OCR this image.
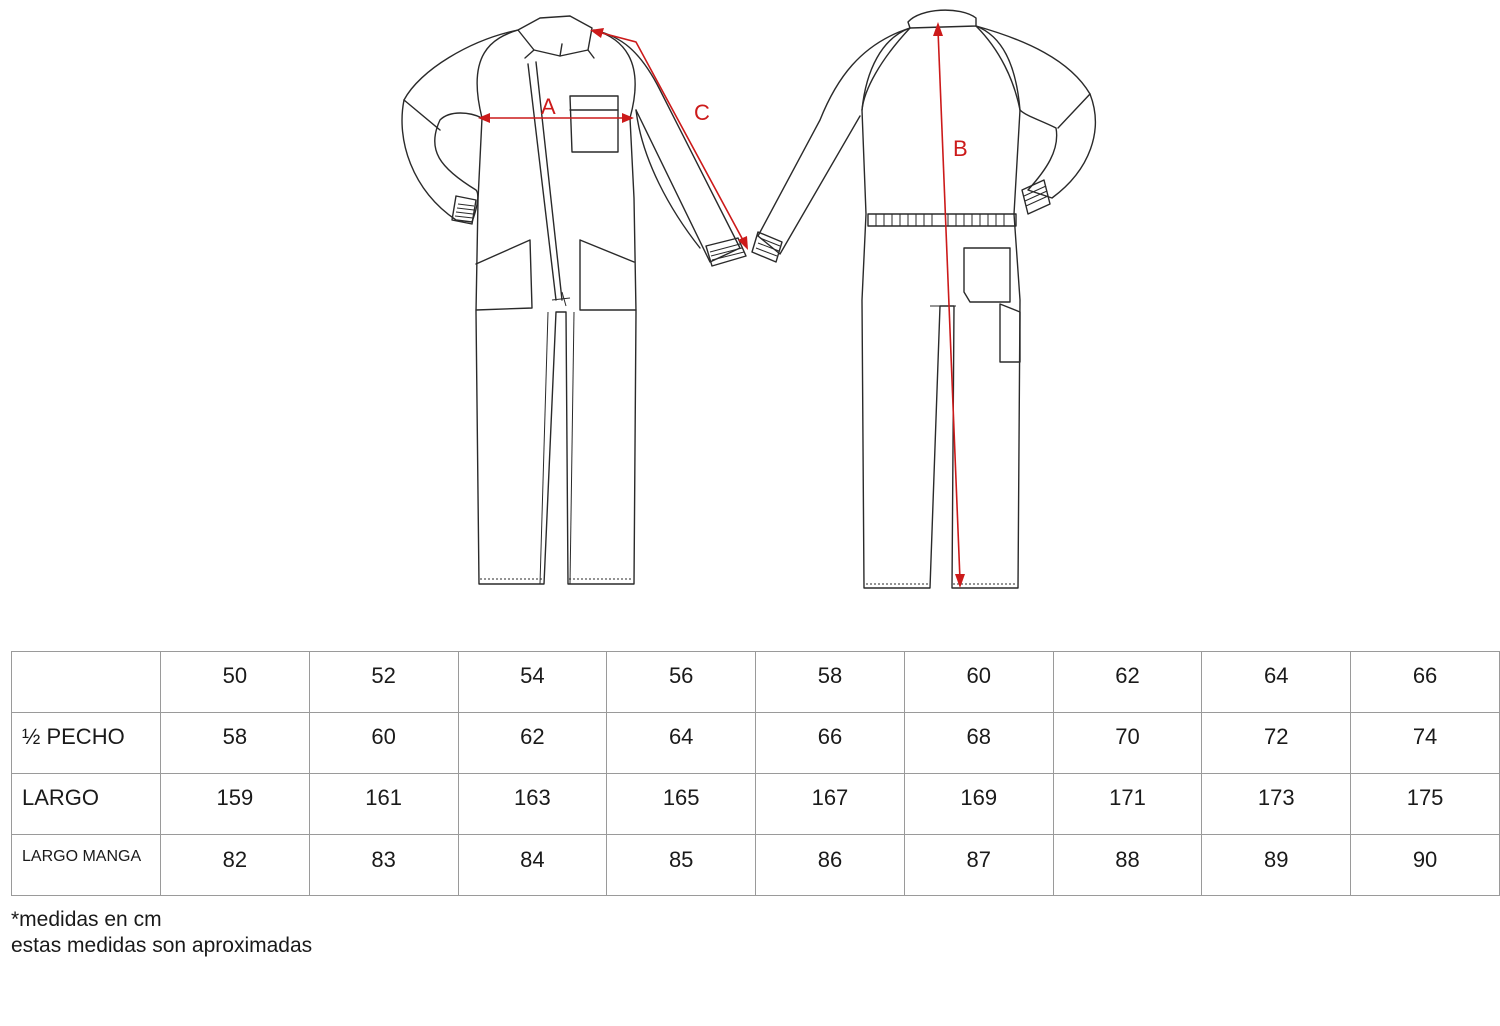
A
B
C
	50	52	54	56	58	60	62	64	66
½ PECHO	58	60	62	64	66	68	70	72	74
LARGO	159	161	163	165	167	169	171	173	175
LARGO MANGA	82	83	84	85	86	87	88	89	90
*medidas en cm
estas medidas son aproximadas
